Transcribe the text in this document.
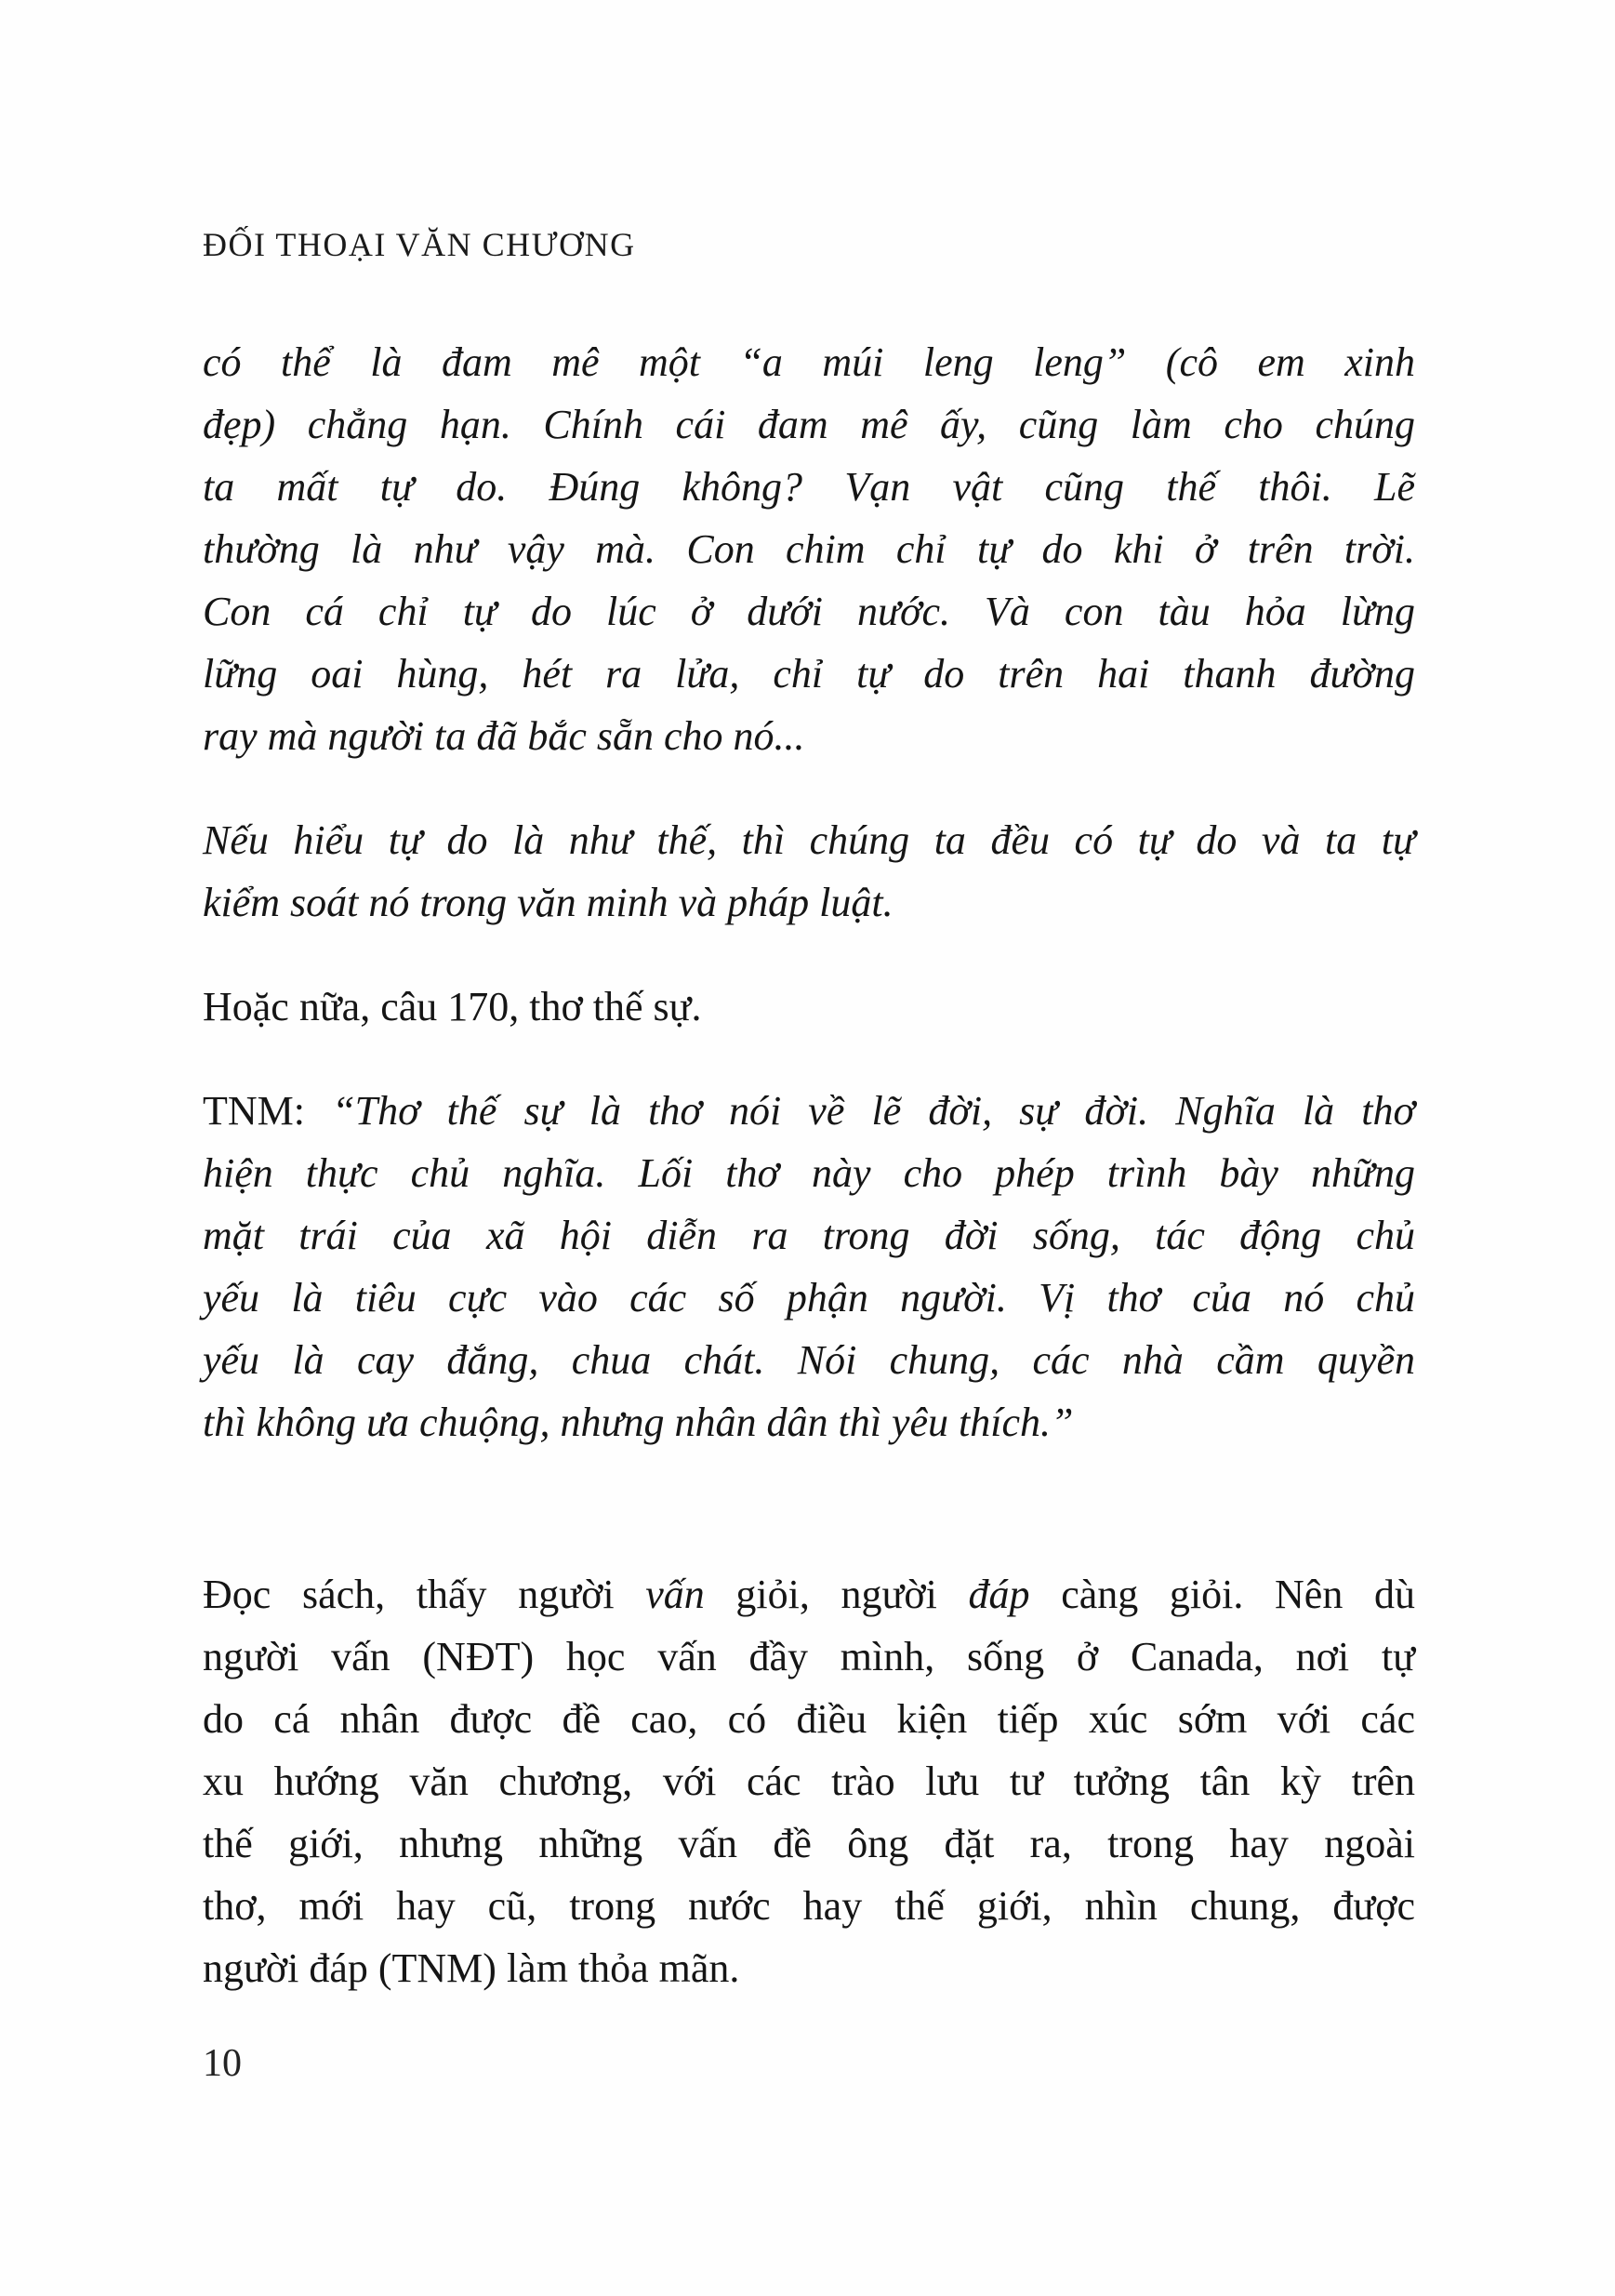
ĐỐI THOẠI VĂN CHƯƠNG
có thể là đam mê một “a múi leng leng” (cô em xinh
đẹp) chẳng hạn. Chính cái đam mê ấy, cũng làm cho chúng
ta mất tự do. Đúng không? Vạn vật cũng thế thôi. Lẽ
thường là như vậy mà. Con chim chỉ tự do khi ở trên trời.
Con cá chỉ tự do lúc ở dưới nước. Và con tàu hỏa lừng
lững oai hùng, hét ra lửa, chỉ tự do trên hai thanh đường
ray mà người ta đã bắc sẵn cho nó...
Nếu hiểu tự do là như thế, thì chúng ta đều có tự do và ta tự
kiểm soát nó trong văn minh và pháp luật.
Hoặc nữa, câu 170, thơ thế sự.
TNM: “Thơ thế sự là thơ nói về lẽ đời, sự đời. Nghĩa là thơ
hiện thực chủ nghĩa. Lối thơ này cho phép trình bày những
mặt trái của xã hội diễn ra trong đời sống, tác động chủ
yếu là tiêu cực vào các số phận người. Vị thơ của nó chủ
yếu là cay đắng, chua chát. Nói chung, các nhà cầm quyền
thì không ưa chuộng, nhưng nhân dân thì yêu thích.”
Đọc sách, thấy người vấn giỏi, người đáp càng giỏi. Nên dù
người vấn (NĐT) học vấn đầy mình, sống ở Canada, nơi tự
do cá nhân được đề cao, có điều kiện tiếp xúc sớm với các
xu hướng văn chương, với các trào lưu tư tưởng tân kỳ trên
thế giới, nhưng những vấn đề ông đặt ra, trong hay ngoài
thơ, mới hay cũ, trong nước hay thế giới, nhìn chung, được
người đáp (TNM) làm thỏa mãn.
10
